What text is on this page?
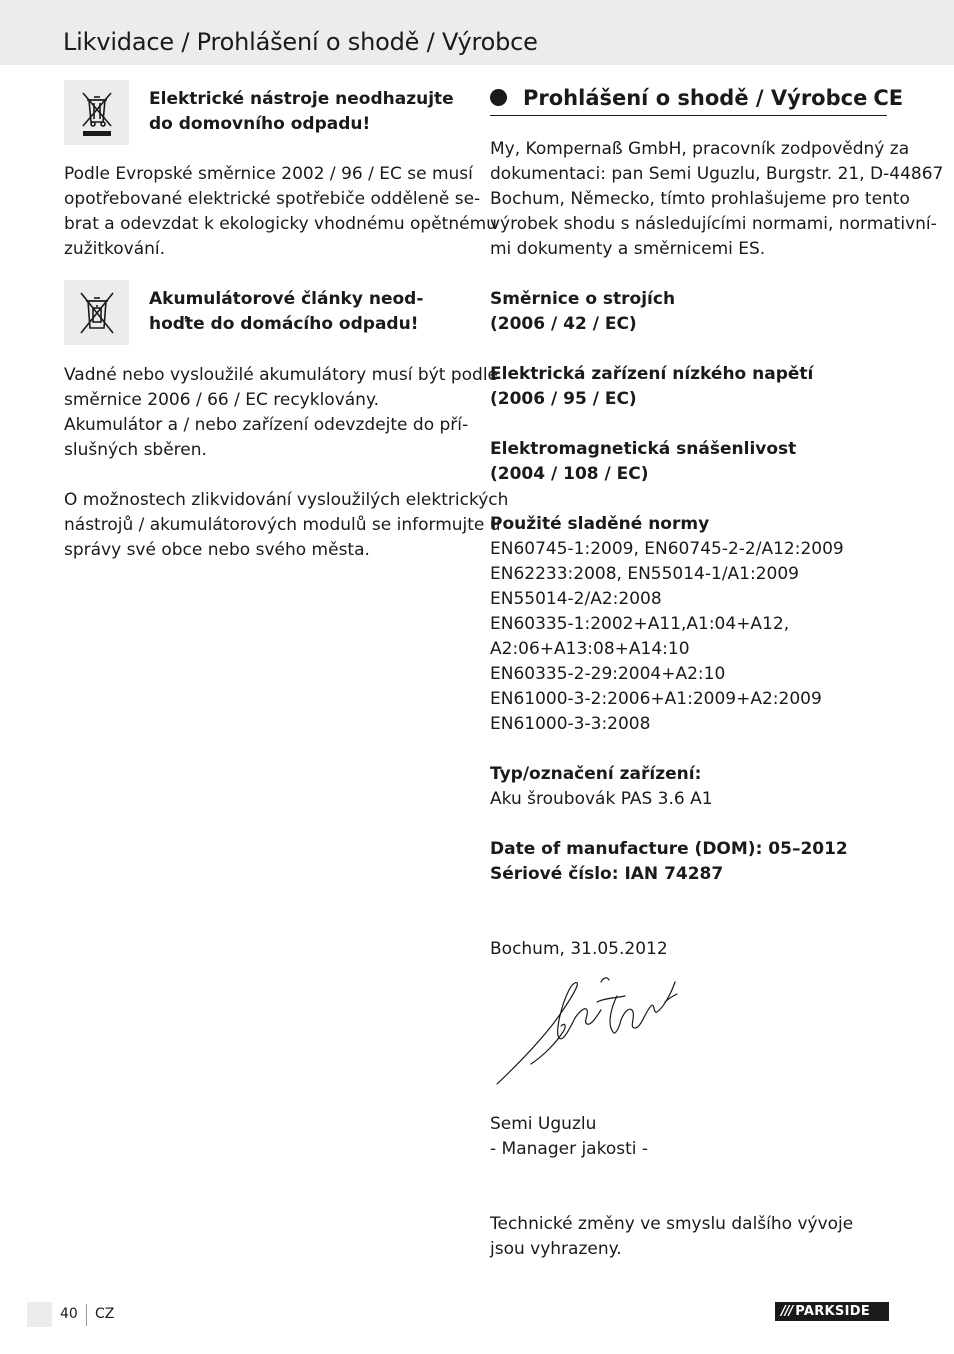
Likvidace / Prohlášení o shodě / Výrobce
Elektrické nástroje neodhazujte
do domovního odpadu!
Podle Evropské směrnice 2002 / 96 / EC se musí
opotřebované elektrické spotřebiče odděleně se-
brat a odevzdat k ekologicky vhodnému opětnému
zužitkování.
Akumulátorové články neod-
hoďte do domácího odpadu!
Vadné nebo vysloužilé akumulátory musí být podle
směrnice 2006 / 66 / EC recyklovány.
Akumulátor a / nebo zařízení odevzdejte do pří-
slušných sběren.
O možnostech zlikvidování vysloužilých elektrických
nástrojů / akumulátorových modulů se informujte u
správy své obce nebo svého města.
Prohlášení o shodě / Výrobce CE
My, Kompernaß GmbH, pracovník zodpovědný za
dokumentaci: pan Semi Uguzlu, Burgstr. 21, D-44867
Bochum, Německo, tímto prohlašujeme pro tento
výrobek shodu s následujícími normami, normativní-
mi dokumenty a směrnicemi ES.
Směrnice o strojích
(2006 / 42 / EC)
Elektrická zařízení nízkého napětí
(2006 / 95 / EC)
Elektromagnetická snášenlivost
(2004 / 108 / EC)
Použité sladěné normy
EN60745-1:2009, EN60745-2-2/A12:2009
EN62233:2008, EN55014-1/A1:2009
EN55014-2/A2:2008
EN60335-1:2002+A11,A1:04+A12,
A2:06+A13:08+A14:10
EN60335-2-29:2004+A2:10
EN61000-3-2:2006+A1:2009+A2:2009
EN61000-3-3:2008
Typ/označení zařízení:
Aku šroubovák PAS 3.6 A1
Date of manufacture (DOM): 05–2012
Sériové číslo: IAN 74287
Bochum, 31.05.2012
Semi Uguzlu
- Manager jakosti -
Technické změny ve smyslu dalšího vývoje
jsou vyhrazeny.
40 CZ	/// PARKSIDE
